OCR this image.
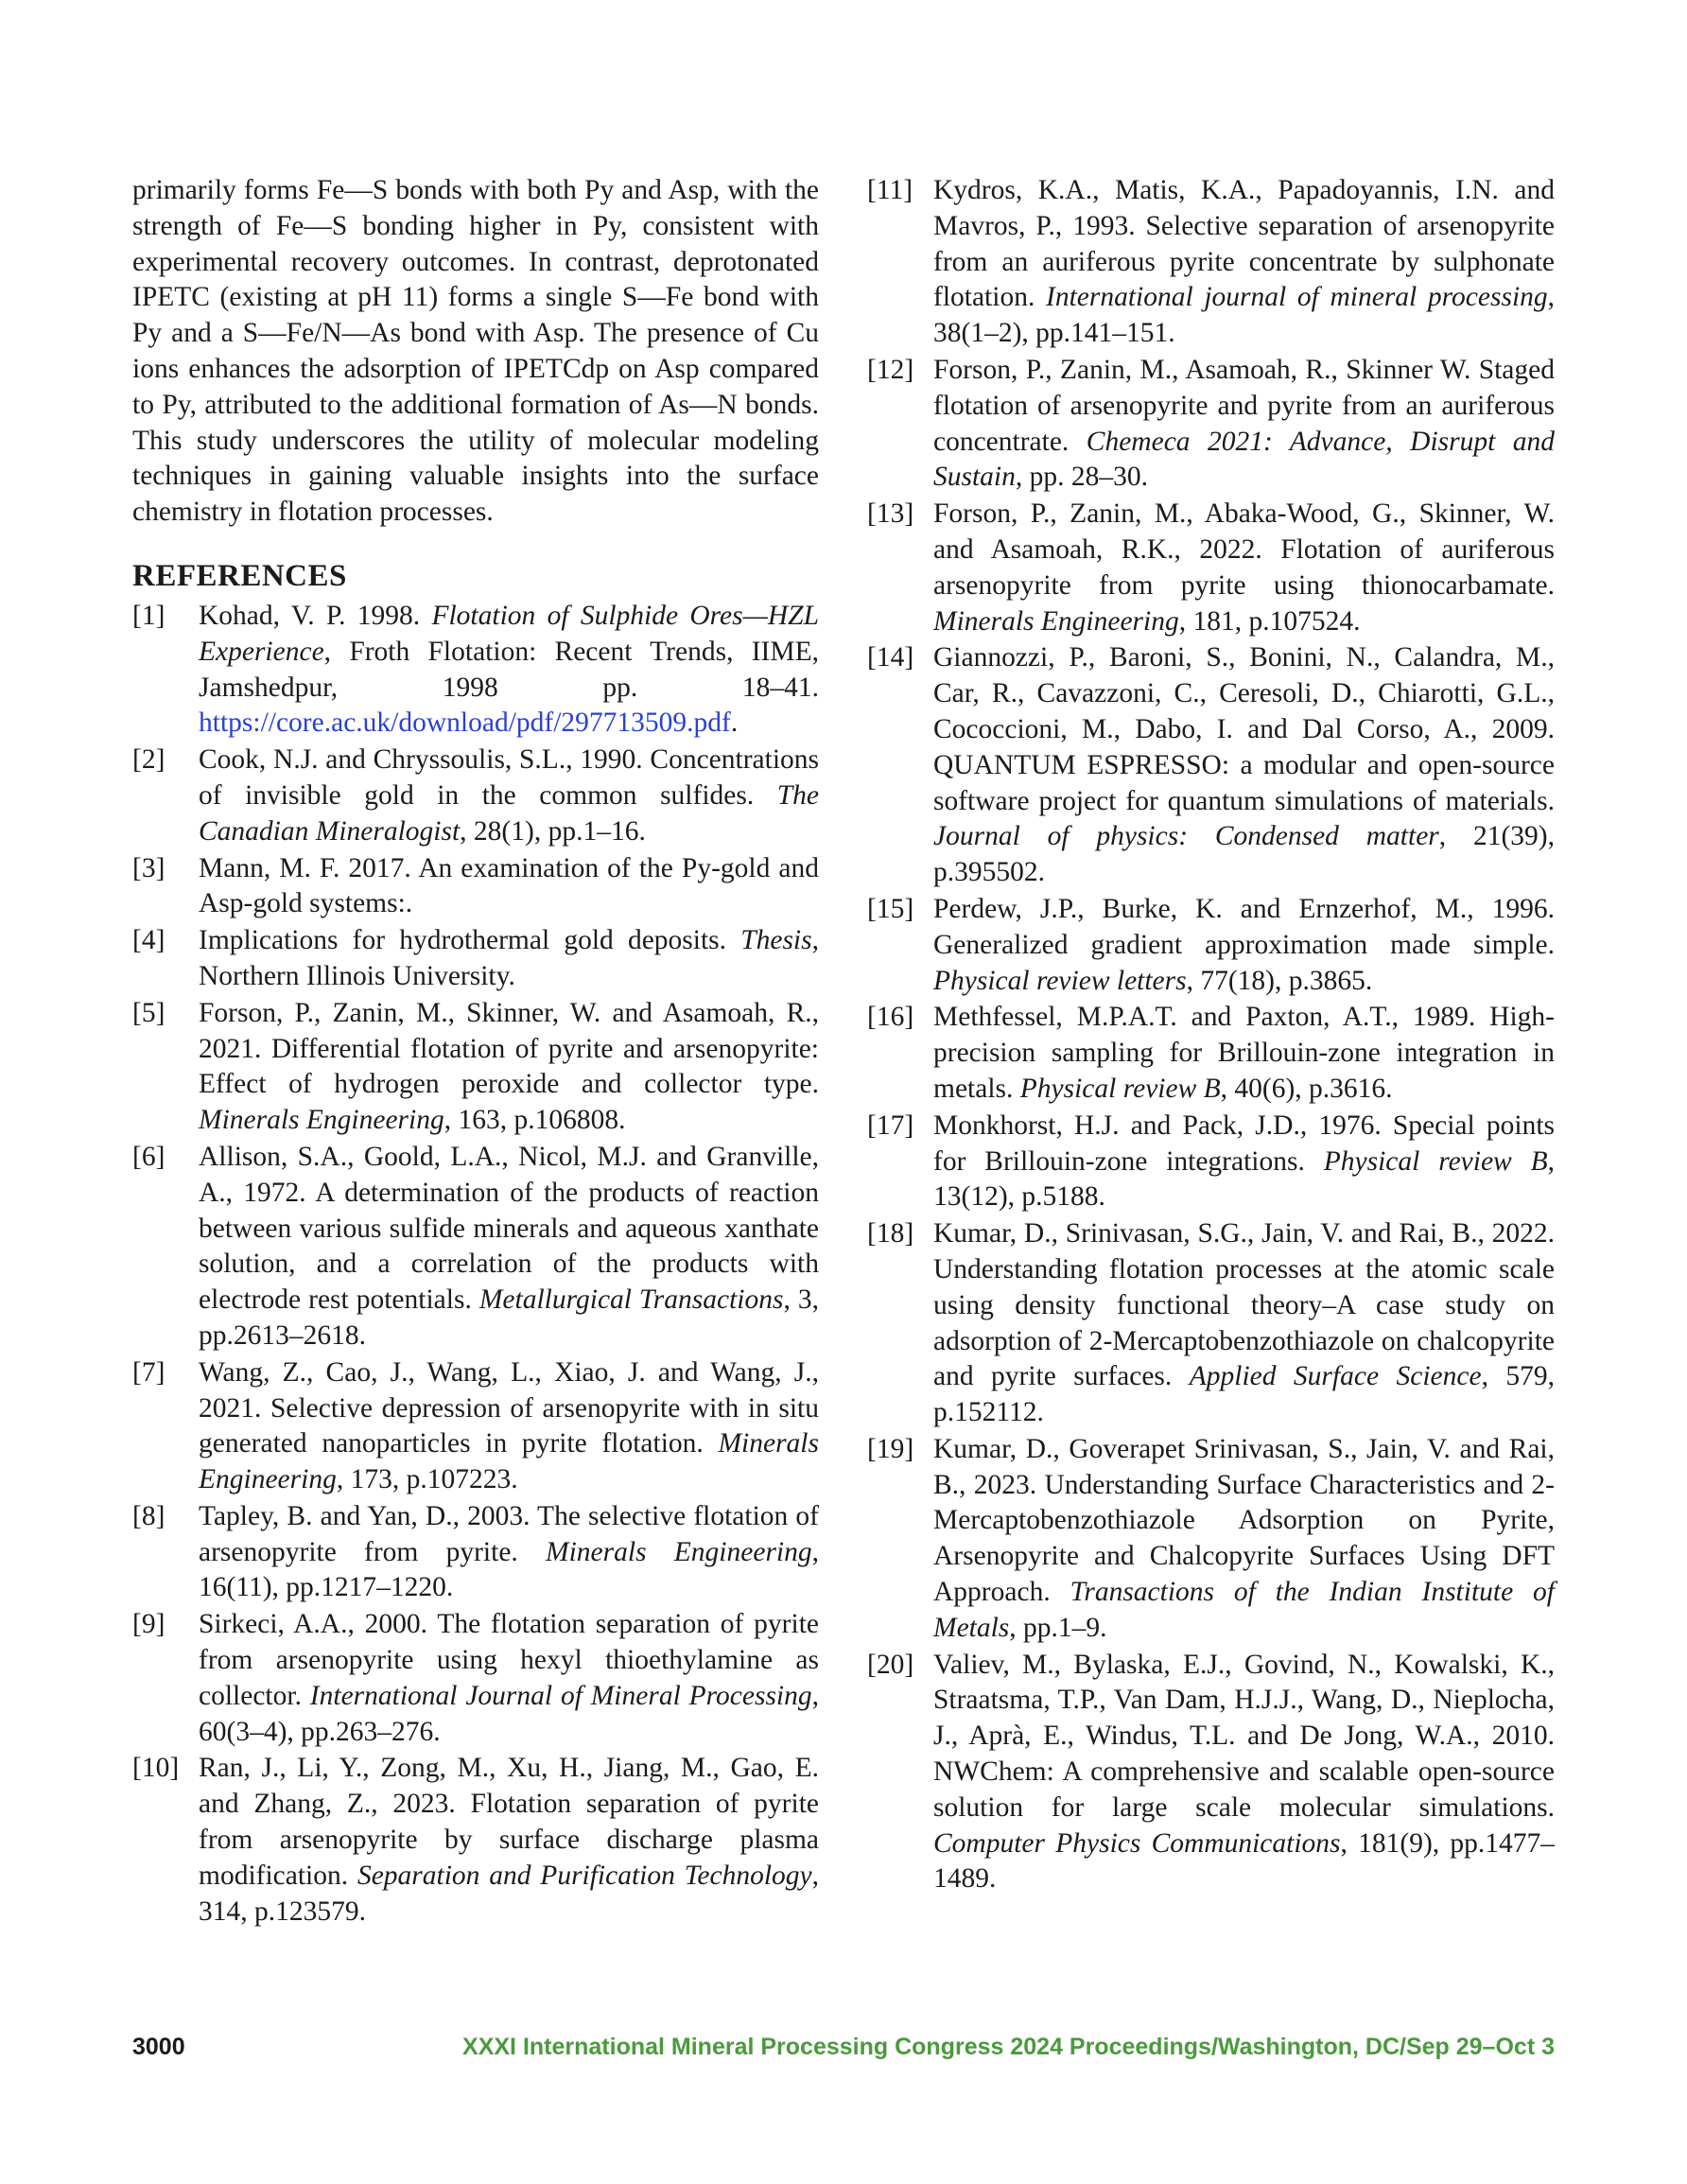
primarily forms Fe—S bonds with both Py and Asp, with the strength of Fe—S bonding higher in Py, consistent with experimental recovery outcomes. In contrast, deprotonated IPETC (existing at pH 11) forms a single S—Fe bond with Py and a S—Fe/N—As bond with Asp. The presence of Cu ions enhances the adsorption of IPETCdp on Asp compared to Py, attributed to the additional formation of As—N bonds. This study underscores the utility of molecular modeling techniques in gaining valuable insights into the surface chemistry in flotation processes.

REFERENCES
[1]	Kohad, V. P. 1998. Flotation of Sulphide Ores—HZL Experience, Froth Flotation: Recent Trends, IIME, Jamshedpur, 1998 pp. 18–41. https://core.ac.uk/download/pdf/297713509.pdf.
[2]	Cook, N.J. and Chryssoulis, S.L., 1990. Concentrations of invisible gold in the common sulfides. The Canadian Mineralogist, 28(1), pp.1–16.
[3]	Mann, M. F. 2017. An examination of the Py-gold and Asp-gold systems:.
[4]	Implications for hydrothermal gold deposits. Thesis, Northern Illinois University.
[5]	Forson, P., Zanin, M., Skinner, W. and Asamoah, R., 2021. Differential flotation of pyrite and arsenopyrite: Effect of hydrogen peroxide and collector type. Minerals Engineering, 163, p.106808.
[6]	Allison, S.A., Goold, L.A., Nicol, M.J. and Granville, A., 1972. A determination of the products of reaction between various sulfide minerals and aqueous xanthate solution, and a correlation of the products with electrode rest potentials. Metallurgical Transactions, 3, pp.2613–2618.
[7]	Wang, Z., Cao, J., Wang, L., Xiao, J. and Wang, J., 2021. Selective depression of arsenopyrite with in situ generated nanoparticles in pyrite flotation. Minerals Engineering, 173, p.107223.
[8]	Tapley, B. and Yan, D., 2003. The selective flotation of arsenopyrite from pyrite. Minerals Engineering, 16(11), pp.1217–1220.
[9]	Sirkeci, A.A., 2000. The flotation separation of pyrite from arsenopyrite using hexyl thioethylamine as collector. International Journal of Mineral Processing, 60(3–4), pp.263–276.
[10] Ran, J., Li, Y., Zong, M., Xu, H., Jiang, M., Gao, E. and Zhang, Z., 2023. Flotation separation of pyrite from arsenopyrite by surface discharge plasma modification. Separation and Purification Technology, 314, p.123579.
[11] Kydros, K.A., Matis, K.A., Papadoyannis, I.N. and Mavros, P., 1993. Selective separation of arsenopyrite from an auriferous pyrite concentrate by sulphonate flotation. International journal of mineral processing, 38(1–2), pp.141–151.
[12] Forson, P., Zanin, M., Asamoah, R., Skinner W. Staged flotation of arsenopyrite and pyrite from an auriferous concentrate. Chemeca 2021: Advance, Disrupt and Sustain, pp. 28–30.
[13] Forson, P., Zanin, M., Abaka-Wood, G., Skinner, W. and Asamoah, R.K., 2022. Flotation of auriferous arsenopyrite from pyrite using thionocarbamate. Minerals Engineering, 181, p.107524.
[14] Giannozzi, P., Baroni, S., Bonini, N., Calandra, M., Car, R., Cavazzoni, C., Ceresoli, D., Chiarotti, G.L., Cococcioni, M., Dabo, I. and Dal Corso, A., 2009. QUANTUM ESPRESSO: a modular and open-source software project for quantum simulations of materials. Journal of physics: Condensed matter, 21(39), p.395502.
[15] Perdew, J.P., Burke, K. and Ernzerhof, M., 1996. Generalized gradient approximation made simple. Physical review letters, 77(18), p.3865.
[16] Methfessel, M.P.A.T. and Paxton, A.T., 1989. High-precision sampling for Brillouin-zone integration in metals. Physical review B, 40(6), p.3616.
[17] Monkhorst, H.J. and Pack, J.D., 1976. Special points for Brillouin-zone integrations. Physical review B, 13(12), p.5188.
[18] Kumar, D., Srinivasan, S.G., Jain, V. and Rai, B., 2022. Understanding flotation processes at the atomic scale using density functional theory–A case study on adsorption of 2-Mercaptobenzothiazole on chalcopyrite and pyrite surfaces. Applied Surface Science, 579, p.152112.
[19] Kumar, D., Goverapet Srinivasan, S., Jain, V. and Rai, B., 2023. Understanding Surface Characteristics and 2-Mercaptobenzothiazole Adsorption on Pyrite, Arsenopyrite and Chalcopyrite Surfaces Using DFT Approach. Transactions of the Indian Institute of Metals, pp.1–9.
[20] Valiev, M., Bylaska, E.J., Govind, N., Kowalski, K., Straatsma, T.P., Van Dam, H.J.J., Wang, D., Nieplocha, J., Aprà, E., Windus, T.L. and De Jong, W.A., 2010. NWChem: A comprehensive and scalable open-source solution for large scale molecular simulations. Computer Physics Communications, 181(9), pp.1477–1489.
3000	XXXI International Mineral Processing Congress 2024 Proceedings/Washington, DC/Sep 29–Oct 3
